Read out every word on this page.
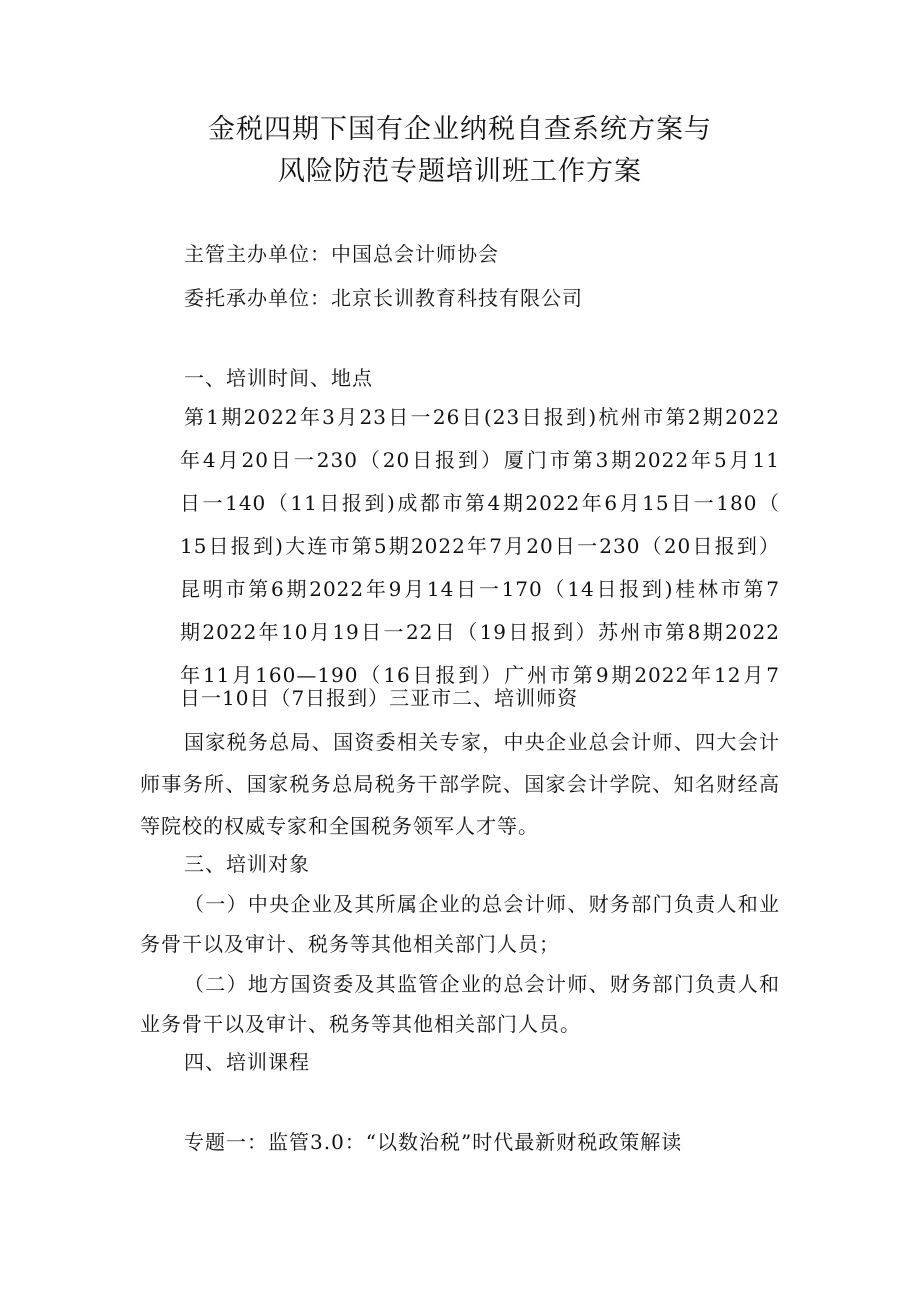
金税四期下国有企业纳税自查系统方案与
风险防范专题培训班工作方案
主管主办单位：中国总会计师协会
委托承办单位：北京长训教育科技有限公司
一、培训时间、地点
第1期2022年3月23日一26日(23日报到)杭州市第2期2022
年4月20日一230（20日报到）厦门市第3期2022年5月11
日一140（11日报到)成都市第4期2022年6月15日一180（
15日报到)大连市第5期2022年7月20日一230（20日报到）
昆明市第6期2022年9月14日一170（14日报到)桂林市第7
期2022年10月19日一22日（19日报到）苏州市第8期2022
年11月160—190（16日报到）广州市第9期2022年12月7
日一10日（7日报到）三亚市二、培训师资
国家税务总局、国资委相关专家，中央企业总会计师、四大会计
师事务所、国家税务总局税务干部学院、国家会计学院、知名财经高
等院校的权威专家和全国税务领军人才等。
三、培训对象
（一）中央企业及其所属企业的总会计师、财务部门负责人和业
务骨干以及审计、税务等其他相关部门人员；
（二）地方国资委及其监管企业的总会计师、财务部门负责人和
业务骨干以及审计、税务等其他相关部门人员。
四、培训课程
专题一：监管3.0：“以数治税”时代最新财税政策解读
